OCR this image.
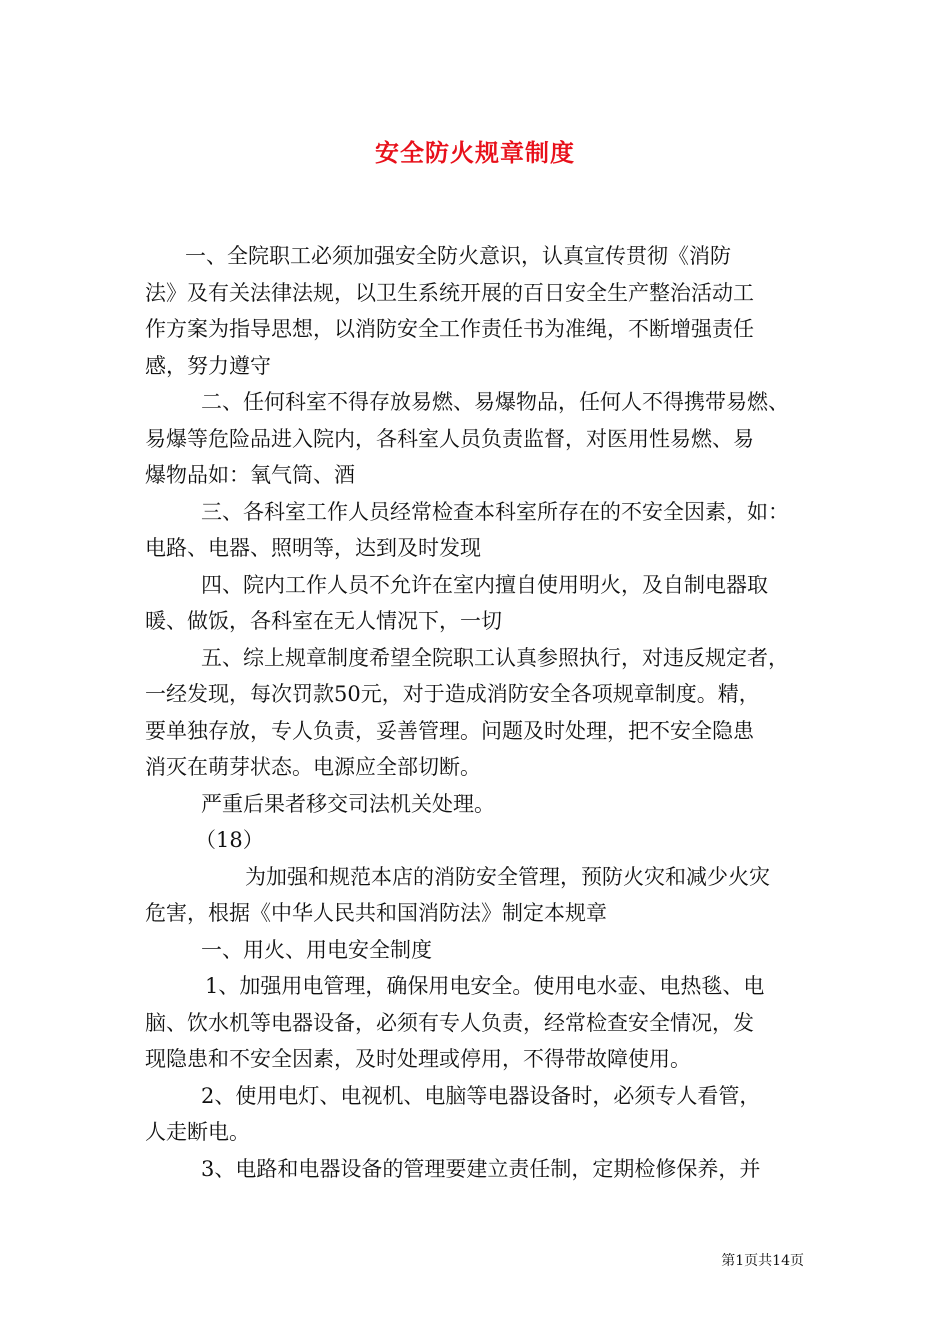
安全防火规章制度
一、全院职工必须加强安全防火意识，认真宣传贯彻《消防
法》及有关法律法规，以卫生系统开展的百日安全生产整治活动工
作方案为指导思想，以消防安全工作责任书为准绳，不断增强责任
感，努力遵守
二、任何科室不得存放易燃、易爆物品，任何人不得携带易燃、
易爆等危险品进入院内，各科室人员负责监督，对医用性易燃、易
爆物品如：氧气筒、酒
三、各科室工作人员经常检查本科室所存在的不安全因素，如：
电路、电器、照明等，达到及时发现
四、院内工作人员不允许在室内擅自使用明火，及自制电器取
暖、做饭，各科室在无人情况下，一切
五、综上规章制度希望全院职工认真参照执行，对违反规定者，
一经发现，每次罚款50元，对于造成消防安全各项规章制度。精，
要单独存放，专人负责，妥善管理。问题及时处理，把不安全隐患
消灭在萌芽状态。电源应全部切断。
严重后果者移交司法机关处理。
（18）
为加强和规范本店的消防安全管理，预防火灾和减少火灾
危害，根据《中华人民共和国消防法》制定本规章
一、用火、用电安全制度
1、加强用电管理，确保用电安全。使用电水壶、电热毯、电
脑、饮水机等电器设备，必须有专人负责，经常检查安全情况，发
现隐患和不安全因素，及时处理或停用，不得带故障使用。
2、使用电灯、电视机、电脑等电器设备时，必须专人看管，
人走断电。
3、电路和电器设备的管理要建立责任制，定期检修保养，并
第1页共14页
